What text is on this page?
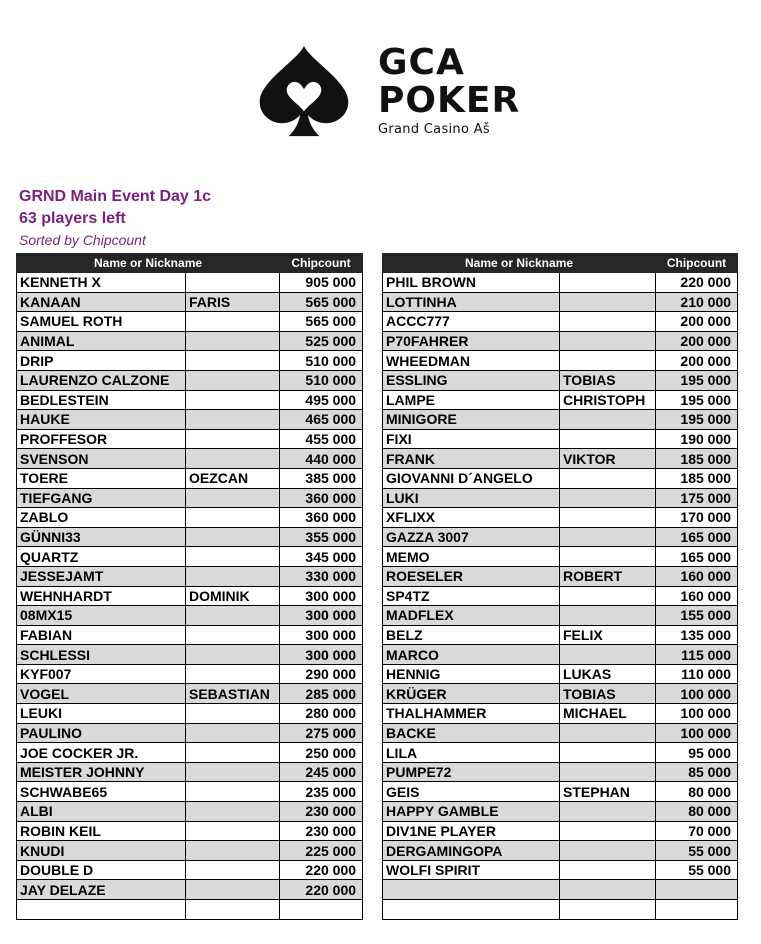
GCA
POKER
Grand Casino Aš
GRND Main Event Day 1c
63 players left
Sorted by Chipcount
Name or Nickname		Chipcount
KENNETH X		905 000
KANAAN	FARIS	565 000
SAMUEL ROTH		565 000
ANIMAL		525 000
DRIP		510 000
LAURENZO CALZONE		510 000
BEDLESTEIN		495 000
HAUKE		465 000
PROFFESOR		455 000
SVENSON		440 000
TOERE	OEZCAN	385 000
TIEFGANG		360 000
ZABLO		360 000
GÜNNI33		355 000
QUARTZ		345 000
JESSEJAMT		330 000
WEHNHARDT	DOMINIK	300 000
08MX15		300 000
FABIAN		300 000
SCHLESSI		300 000
KYF007		290 000
VOGEL	SEBASTIAN	285 000
LEUKI		280 000
PAULINO		275 000
JOE COCKER JR.		250 000
MEISTER JOHNNY		245 000
SCHWABE65		235 000
ALBI		230 000
ROBIN KEIL		230 000
KNUDI		225 000
DOUBLE D		220 000
JAY DELAZE		220 000

Name or Nickname		Chipcount
PHIL BROWN		220 000
LOTTINHA		210 000
ACCC777		200 000
P70FAHRER		200 000
WHEEDMAN		200 000
ESSLING	TOBIAS	195 000
LAMPE	CHRISTOPH	195 000
MINIGORE		195 000
FIXI		190 000
FRANK	VIKTOR	185 000
GIOVANNI D´ANGELO		185 000
LUKI		175 000
XFLIXX		170 000
GAZZA 3007		165 000
MEMO		165 000
ROESELER	ROBERT	160 000
SP4TZ		160 000
MADFLEX		155 000
BELZ	FELIX	135 000
MARCO		115 000
HENNIG	LUKAS	110 000
KRÜGER	TOBIAS	100 000
THALHAMMER	MICHAEL	100 000
BACKE		100 000
LILA		95 000
PUMPE72		85 000
GEIS	STEPHAN	80 000
HAPPY GAMBLE		80 000
DIV1NE PLAYER		70 000
DERGAMINGOPA		55 000
WOLFI SPIRIT		55 000
